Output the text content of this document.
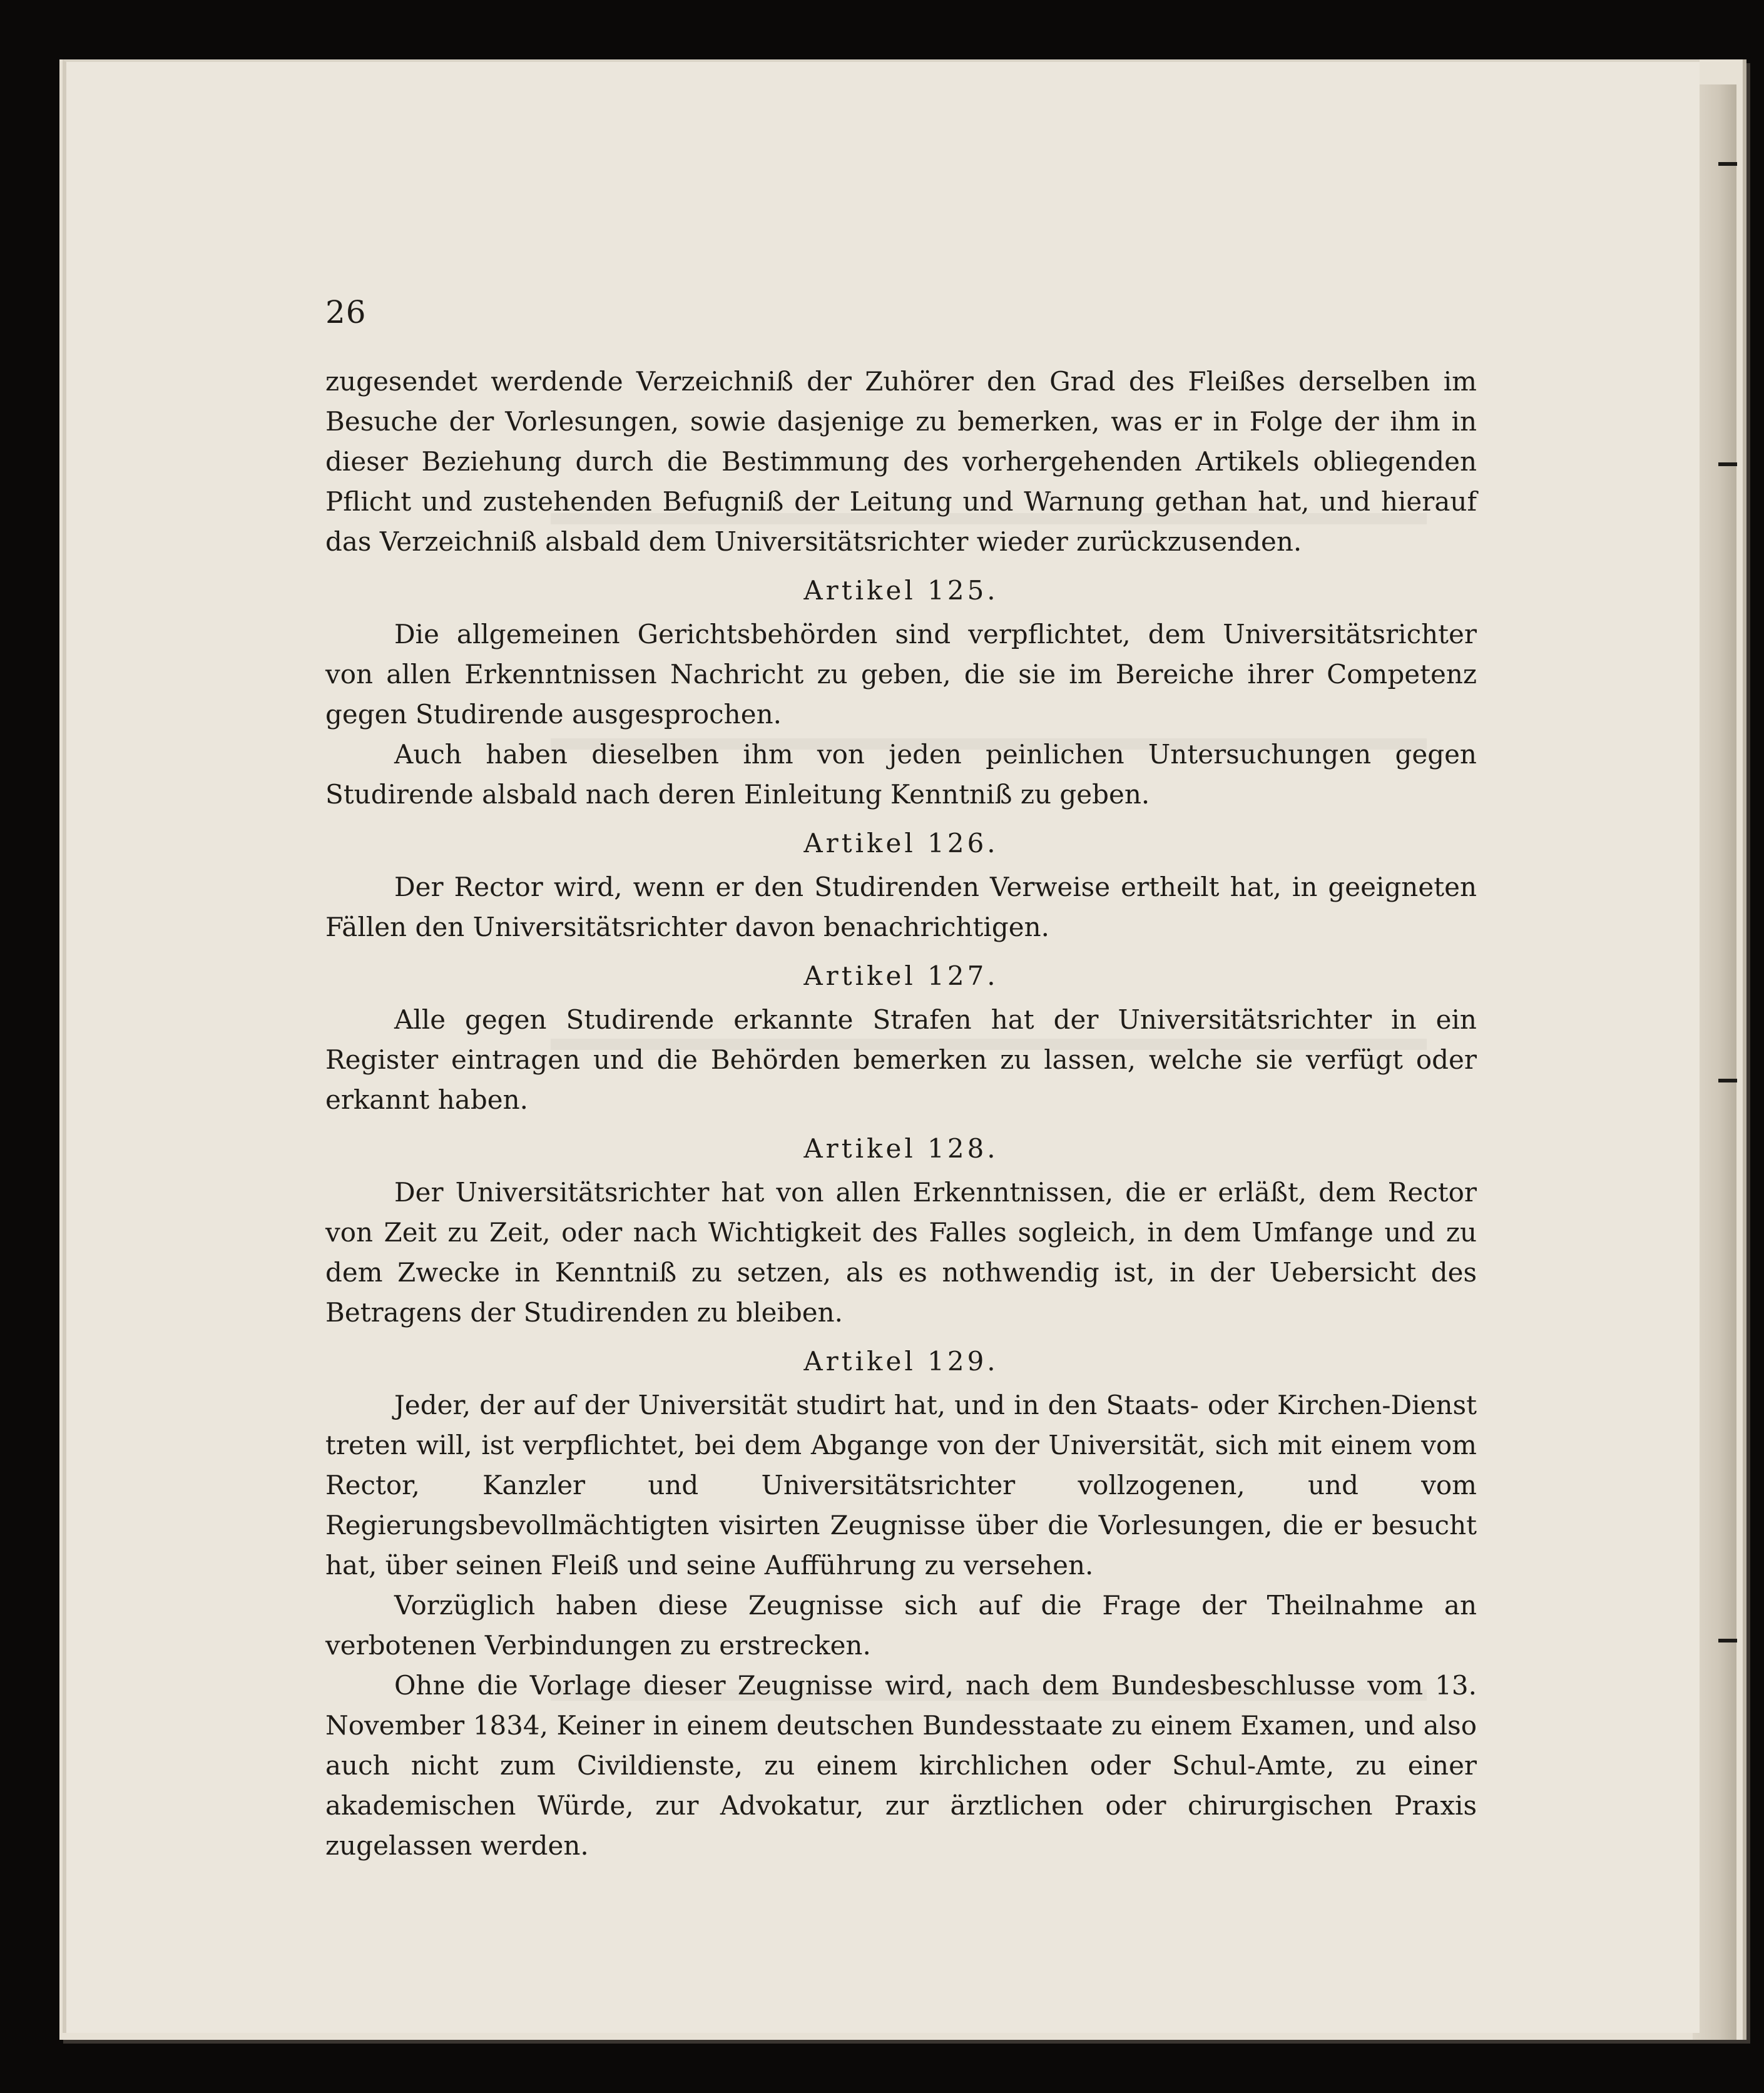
26

zugesendet werdende Verzeichniß der Zuhörer den Grad des Fleißes derselben im Besuche der Vorlesungen, sowie dasjenige zu bemerken, was er in Folge der ihm in dieser Beziehung durch die Bestimmung des vorhergehenden Artikels obliegenden Pflicht und zustehenden Befugniß der Leitung und Warnung gethan hat, und hierauf das Verzeichniß alsbald dem Universitätsrichter wieder zurückzusenden.

Artikel 125.

Die allgemeinen Gerichtsbehörden sind verpflichtet, dem Universitätsrichter von allen Erkenntnissen Nachricht zu geben, die sie im Bereiche ihrer Competenz gegen Studirende ausgesprochen.

Auch haben dieselben ihm von jeden peinlichen Untersuchungen gegen Studirende alsbald nach deren Einleitung Kenntniß zu geben.

Artikel 126.

Der Rector wird, wenn er den Studirenden Verweise ertheilt hat, in geeigneten Fällen den Universitätsrichter davon benachrichtigen.

Artikel 127.

Alle gegen Studirende erkannte Strafen hat der Universitätsrichter in ein Register eintragen und die Behörden bemerken zu lassen, welche sie verfügt oder erkannt haben.

Artikel 128.

Der Universitätsrichter hat von allen Erkenntnissen, die er erläßt, dem Rector von Zeit zu Zeit, oder nach Wichtigkeit des Falles sogleich, in dem Umfange und zu dem Zwecke in Kenntniß zu setzen, als es nothwendig ist, in der Uebersicht des Betragens der Studirenden zu bleiben.

Artikel 129.

Jeder, der auf der Universität studirt hat, und in den Staats- oder Kirchen-Dienst treten will, ist verpflichtet, bei dem Abgange von der Universität, sich mit einem vom Rector, Kanzler und Universitätsrichter vollzogenen, und vom Regierungsbevollmächtigten visirten Zeugnisse über die Vorlesungen, die er besucht hat, über seinen Fleiß und seine Aufführung zu versehen.

Vorzüglich haben diese Zeugnisse sich auf die Frage der Theilnahme an verbotenen Verbindungen zu erstrecken.

Ohne die Vorlage dieser Zeugnisse wird, nach dem Bundesbeschlusse vom 13. November 1834, Keiner in einem deutschen Bundesstaate zu einem Examen, und also auch nicht zum Civildienste, zu einem kirchlichen oder Schul-Amte, zu einer akademischen Würde, zur Advokatur, zur ärztlichen oder chirurgischen Praxis zugelassen werden.
